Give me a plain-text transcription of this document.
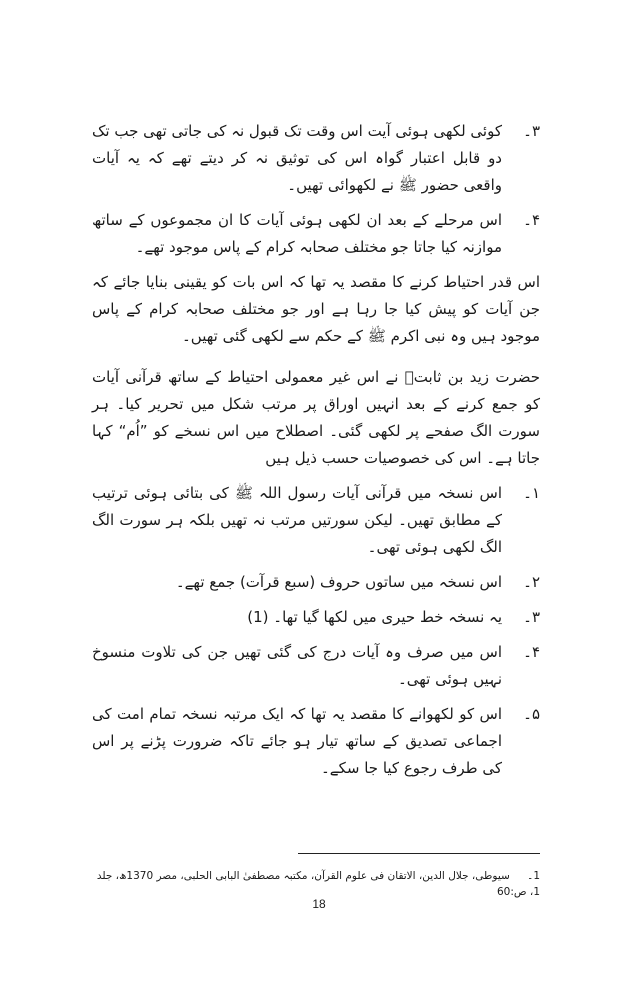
۳۔
کوئی لکھی ہوئی آیت اس وقت تک قبول نہ کی جاتی تھی جب تک دو قابل اعتبار گواہ اس کی توثیق نہ کر دیتے تھے کہ یہ آیات واقعی حضور ﷺ نے لکھوائی تھیں۔
۴۔
اس مرحلے کے بعد ان لکھی ہوئی آیات کا ان مجموعوں کے ساتھ موازنہ کیا جاتا جو مختلف صحابہ کرام کے پاس موجود تھے۔

اس قدر احتیاط کرنے کا مقصد یہ تھا کہ اس بات کو یقینی بنایا جائے کہ جن آیات کو پیش کیا جا رہا ہے اور جو مختلف صحابہ کرام کے پاس موجود ہیں وہ نبی اکرم ﷺ کے حکم سے لکھی گئی تھیں۔

حضرت زید بن ثابتؓ نے اس غیر معمولی احتیاط کے ساتھ قرآنی آیات کو جمع کرنے کے بعد انہیں اوراق پر مرتب شکل میں تحریر کیا۔ ہر سورت الگ صفحے پر لکھی گئی۔ اصطلاح میں اس نسخے کو ”اُم“ کہا جاتا ہے۔ اس کی خصوصیات حسب ذیل ہیں

۱۔
اس نسخہ میں قرآنی آیات رسول اللہ ﷺ کی بتائی ہوئی ترتیب کے مطابق تھیں۔ لیکن سورتیں مرتب نہ تھیں بلکہ ہر سورت الگ الگ لکھی ہوئی تھی۔
۲۔
اس نسخہ میں ساتوں حروف (سبع قرآت) جمع تھے۔
۳۔
یہ نسخہ خط حیری میں لکھا گیا تھا۔ (1)
۴۔
اس میں صرف وہ آیات درج کی گئی تھیں جن کی تلاوت منسوخ نہیں ہوئی تھی۔
۵۔
اس کو لکھوانے کا مقصد یہ تھا کہ ایک مرتبہ نسخہ تمام امت کی اجماعی تصدیق کے ساتھ تیار ہو جائے تاکہ ضرورت پڑنے پر اس کی طرف رجوع کیا جا سکے۔
1۔ سیوطی، جلال الدین، الاتقان فی علوم القرآن، مکتبہ مصطفیٰ البابی الحلبی، مصر 1370ھ، جلد 1، ص:60
18
